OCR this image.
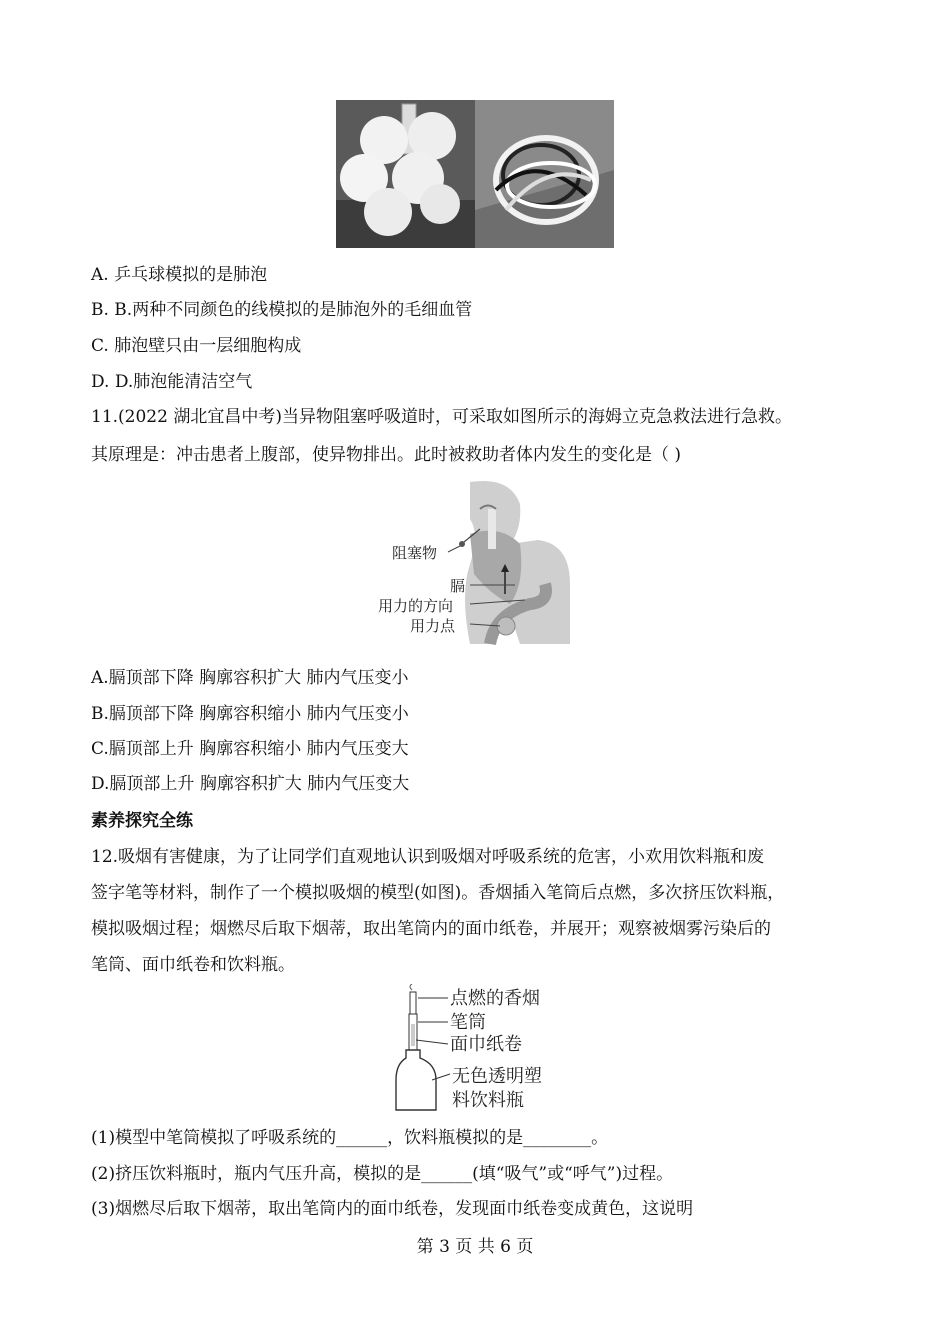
A. 乒乓球模拟的是肺泡
B. B.两种不同颜色的线模拟的是肺泡外的毛细血管
C. 肺泡壁只由一层细胞构成
D. D.肺泡能清洁空气
11.(2022 湖北宜昌中考)当异物阻塞呼吸道时，可采取如图所示的海姆立克急救法进行急救。
其原理是：冲击患者上腹部，使异物排出。此时被救助者体内发生的变化是（ )
阻塞物
膈
用力的方向
用力点
A.膈顶部下降 胸廓容积扩大 肺内气压变小
B.膈顶部下降 胸廓容积缩小 肺内气压变小
C.膈顶部上升 胸廓容积缩小 肺内气压变大
D.膈顶部上升 胸廓容积扩大 肺内气压变大
素养探究全练
12.吸烟有害健康，为了让同学们直观地认识到吸烟对呼吸系统的危害，小欢用饮料瓶和废
签字笔等材料，制作了一个模拟吸烟的模型(如图)。香烟插入笔筒后点燃，多次挤压饮料瓶，
模拟吸烟过程；烟燃尽后取下烟蒂，取出笔筒内的面巾纸卷，并展开；观察被烟雾污染后的
笔筒、面巾纸卷和饮料瓶。
点燃的香烟
笔筒
面巾纸卷
无色透明塑
料饮料瓶
(1)模型中笔筒模拟了呼吸系统的______，饮料瓶模拟的是________。
(2)挤压饮料瓶时，瓶内气压升高，模拟的是______(填“吸气”或“呼气”)过程。
(3)烟燃尽后取下烟蒂，取出笔筒内的面巾纸卷，发现面巾纸卷变成黄色，这说明
第 3 页 共 6 页
